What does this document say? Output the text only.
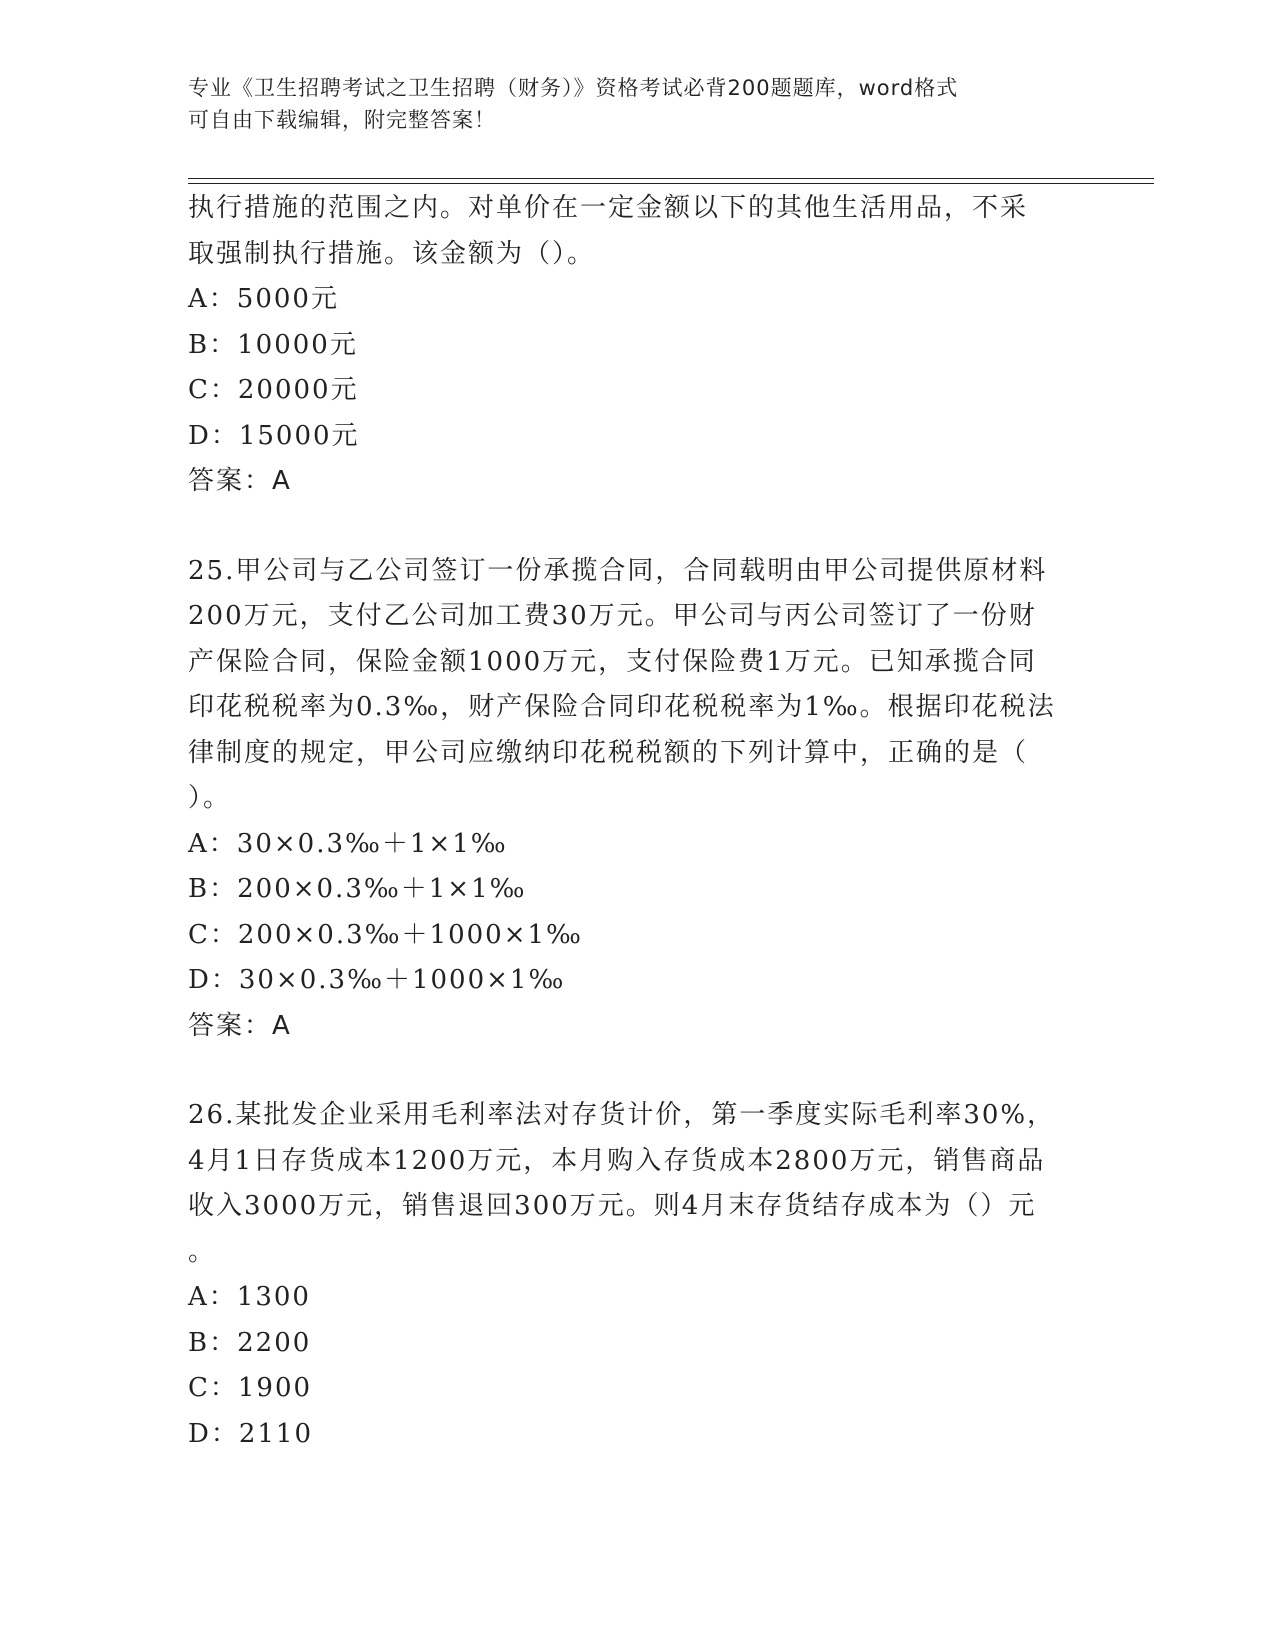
专业《卫生招聘考试之卫生招聘（财务）》资格考试必背200题题库，word格式
可自由下载编辑，附完整答案！
执行措施的范围之内。对单价在一定金额以下的其他生活用品，不采
取强制执行措施。该金额为（）。
A：5000元
B：10000元
C：20000元
D：15000元
答案：A
25.甲公司与乙公司签订一份承揽合同，合同载明由甲公司提供原材料
200万元，支付乙公司加工费30万元。甲公司与丙公司签订了一份财
产保险合同，保险金额1000万元，支付保险费1万元。已知承揽合同
印花税税率为0.3‰，财产保险合同印花税税率为1‰。根据印花税法
律制度的规定，甲公司应缴纳印花税税额的下列计算中，正确的是（
）。
A：30×0.3‰＋1×1‰
B：200×0.3‰＋1×1‰
C：200×0.3‰＋1000×1‰
D：30×0.3‰＋1000×1‰
答案：A
26.某批发企业采用毛利率法对存货计价，第一季度实际毛利率30%，
4月1日存货成本1200万元，本月购入存货成本2800万元，销售商品
收入3000万元，销售退回300万元。则4月末存货结存成本为（）元
。
A：1300
B：2200
C：1900
D：2110
